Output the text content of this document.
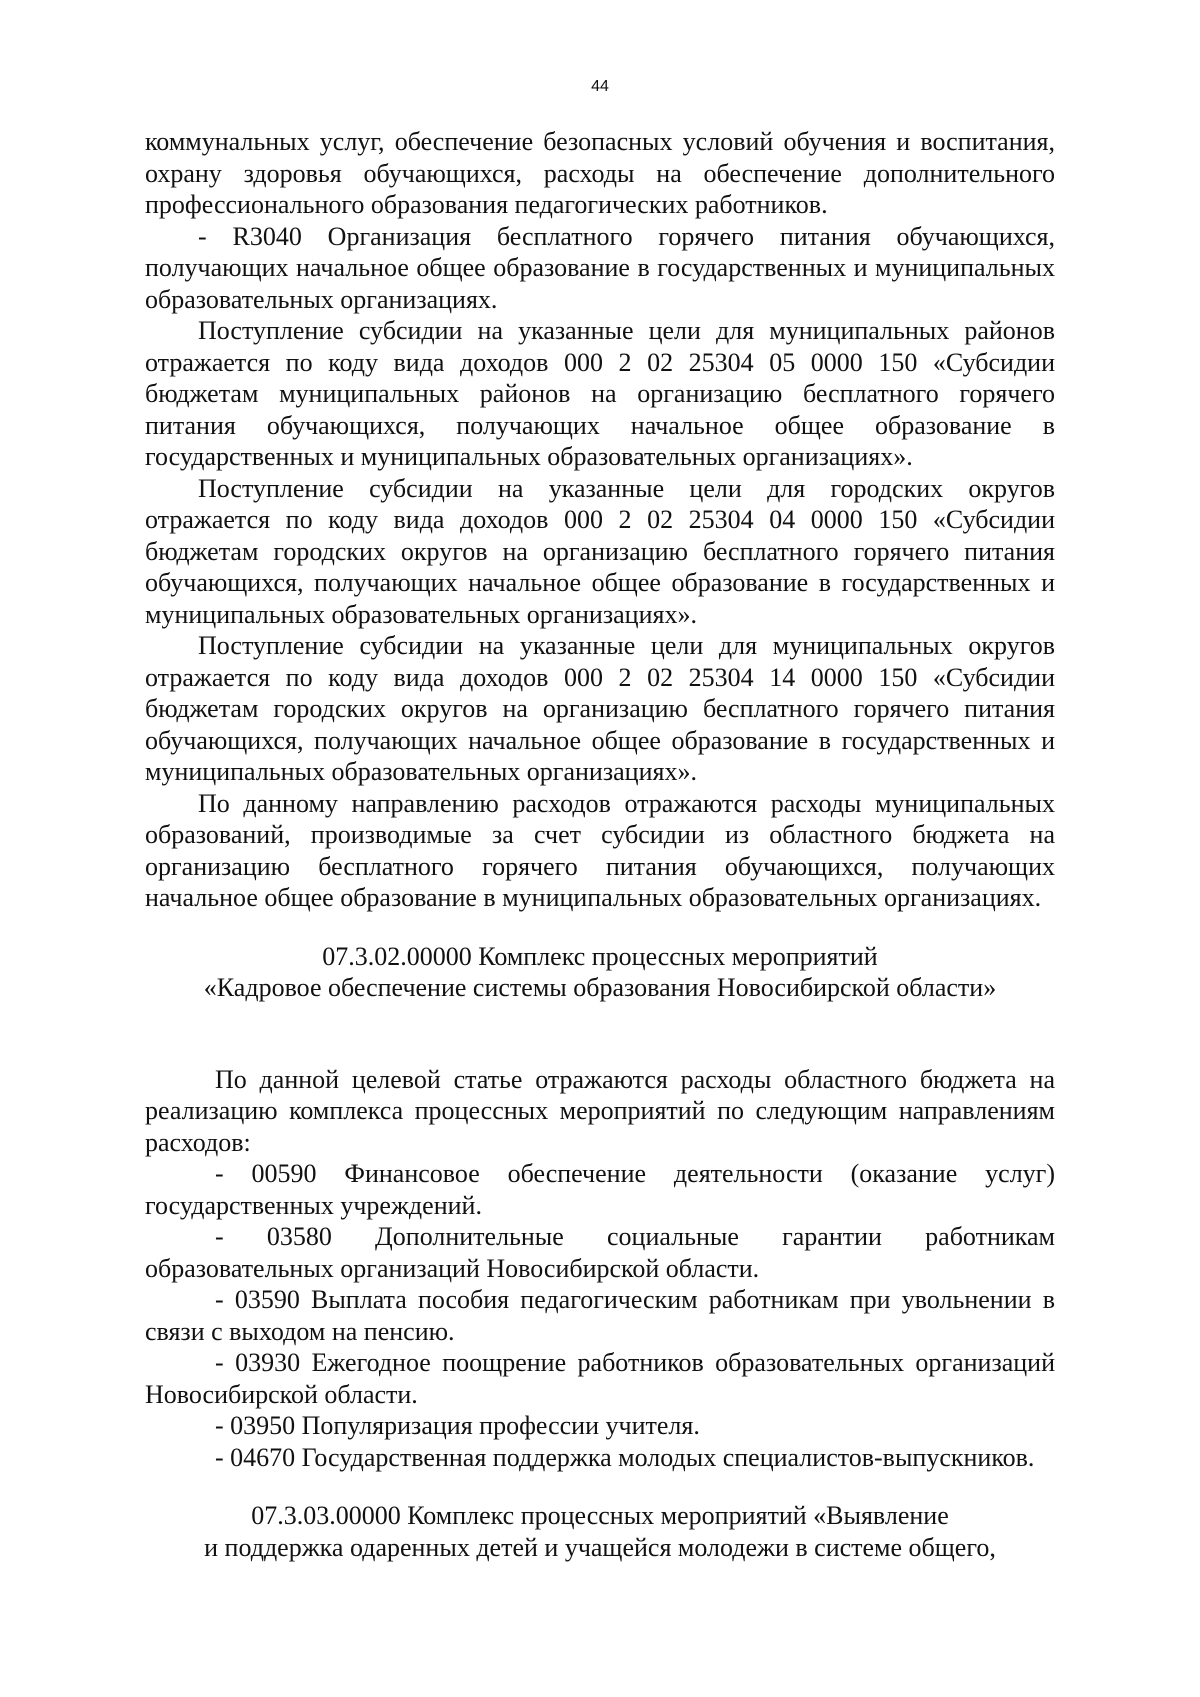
44

коммунальных услуг, обеспечение безопасных условий обучения и воспитания, охрану здоровья обучающихся, расходы на обеспечение дополнительного профессионального образования педагогических работников.

- R3040 Организация бесплатного горячего питания обучающихся, получающих начальное общее образование в государственных и муниципальных образовательных организациях.

Поступление субсидии на указанные цели для муниципальных районов отражается по коду вида доходов 000 2 02 25304 05 0000 150 «Субсидии бюджетам муниципальных районов на организацию бесплатного горячего питания обучающихся, получающих начальное общее образование в государственных и муниципальных образовательных организациях».

Поступление субсидии на указанные цели для городских округов отражается по коду вида доходов 000 2 02 25304 04 0000 150 «Субсидии бюджетам городских округов на организацию бесплатного горячего питания обучающихся, получающих начальное общее образование в государственных и муниципальных образовательных организациях».

Поступление субсидии на указанные цели для муниципальных округов отражается по коду вида доходов 000 2 02 25304 14 0000 150 «Субсидии бюджетам городских округов на организацию бесплатного горячего питания обучающихся, получающих начальное общее образование в государственных и муниципальных образовательных организациях».

По данному направлению расходов отражаются расходы муниципальных образований, производимые за счет субсидии из областного бюджета на организацию бесплатного горячего питания обучающихся, получающих начальное общее образование в муниципальных образовательных организациях.

07.3.02.00000 Комплекс процессных мероприятий

«Кадровое обеспечение системы образования Новосибирской области»

По данной целевой статье отражаются расходы областного бюджета на реализацию комплекса процессных мероприятий по следующим направлениям расходов:

- 00590 Финансовое обеспечение деятельности (оказание услуг) государственных учреждений.

- 03580 Дополнительные социальные гарантии работникам образовательных организаций Новосибирской области.

- 03590 Выплата пособия педагогическим работникам при увольнении в связи с выходом на пенсию.

- 03930 Ежегодное поощрение работников образовательных организаций Новосибирской области.

- 03950 Популяризация профессии учителя.

- 04670 Государственная поддержка молодых специалистов-выпускников.

07.3.03.00000 Комплекс процессных мероприятий «Выявление

и поддержка одаренных детей и учащейся молодежи в системе общего,
